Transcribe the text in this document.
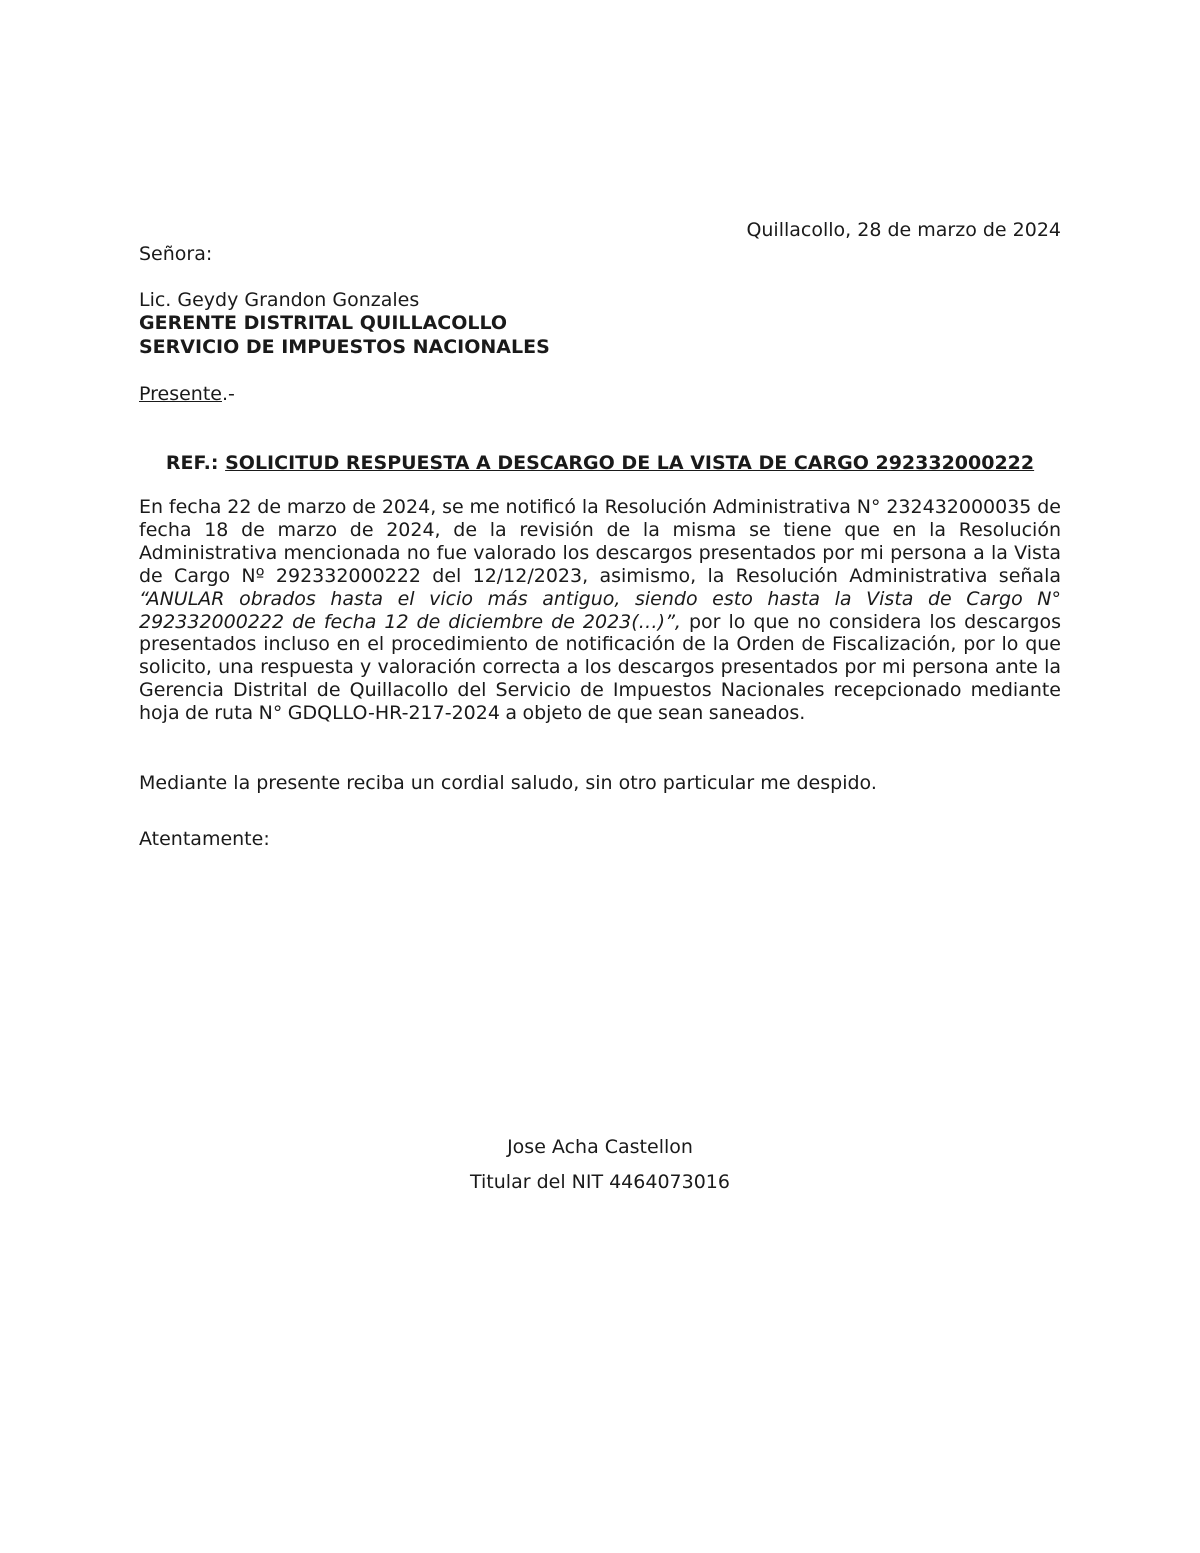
Quillacollo, 28 de marzo de 2024

Señora:

Lic. Geydy Grandon Gonzales

GERENTE DISTRITAL QUILLACOLLO

SERVICIO DE IMPUESTOS NACIONALES

Presente.-

REF.: SOLICITUD RESPUESTA A DESCARGO DE LA VISTA DE CARGO 292332000222

En fecha 22 de marzo de 2024, se me notificó la Resolución Administrativa N° 232432000035 de fecha 18 de marzo de 2024, de la revisión de la misma se tiene que en la Resolución Administrativa mencionada no fue valorado los descargos presentados por mi persona a la Vista de Cargo Nº 292332000222 del 12/12/2023, asimismo, la Resolución Administrativa señala “ANULAR obrados hasta el vicio más antiguo, siendo esto hasta la Vista de Cargo N° 292332000222 de fecha 12 de diciembre de 2023(…)”, por lo que no considera los descargos presentados incluso en el procedimiento de notificación de la Orden de Fiscalización, por lo que solicito, una respuesta y valoración correcta a los descargos presentados por mi persona ante la Gerencia Distrital de Quillacollo del Servicio de Impuestos Nacionales recepcionado mediante hoja de ruta N° GDQLLO-HR-217-2024 a objeto de que sean saneados.

Mediante la presente reciba un cordial saludo, sin otro particular me despido.

Atentamente:

Jose Acha Castellon

Titular del NIT 4464073016
